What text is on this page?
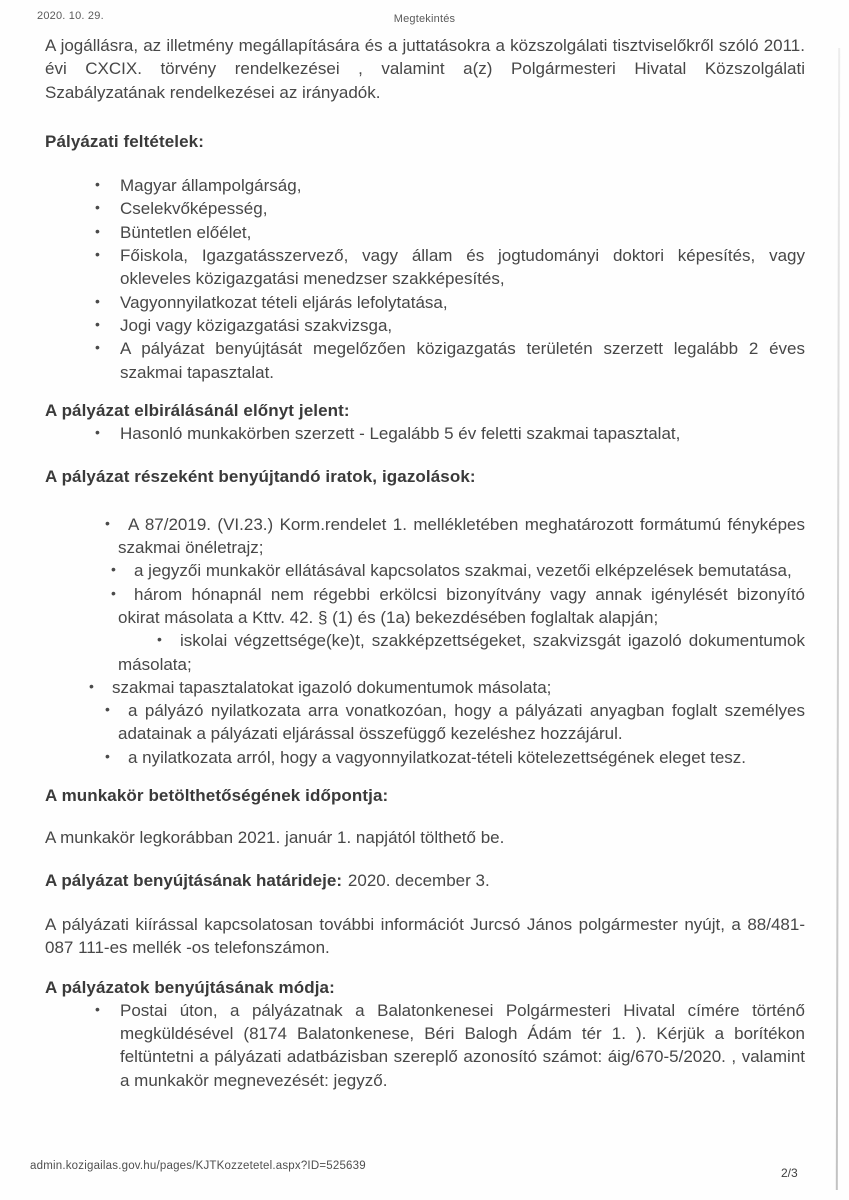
2020. 10. 29.	Megtekintés

A jogállásra, az illetmény megállapítására és a juttatásokra a közszolgálati tisztviselőkről szóló 2011. évi CXCIX. törvény rendelkezései , valamint a(z) Polgármesteri Hivatal Közszolgálati Szabályzatának rendelkezései az irányadók.

Pályázati feltételek:
• Magyar állampolgárság,
• Cselekvőképesség,
• Büntetlen előélet,
• Főiskola, Igazgatásszervező, vagy állam és jogtudományi doktori képesítés, vagy okleveles közigazgatási menedzser szakképesítés,
• Vagyonnyilatkozat tételi eljárás lefolytatása,
• Jogi vagy közigazgatási szakvizsga,
• A pályázat benyújtását megelőzően közigazgatás területén szerzett legalább 2 éves szakmai tapasztalat.
A pályázat elbirálásánál előnyt jelent:
• Hasonló munkakörben szerzett - Legalább 5 év feletti szakmai tapasztalat,
A pályázat részeként benyújtandó iratok, igazolások:
• A 87/2019. (VI.23.) Korm.rendelet 1. mellékletében meghatározott formátumú fényképes szakmai önéletrajz;
• a jegyzői munkakör ellátásával kapcsolatos szakmai, vezetői elképzelések bemutatása,
• három hónapnál nem régebbi erkölcsi bizonyítvány vagy annak igénylését bizonyító okirat másolata a Kttv. 42. § (1) és (1a) bekezdésében foglaltak alapján;
• iskolai végzettsége(ke)t, szakképzettségeket, szakvizsgát igazoló dokumentumok másolata;
• szakmai tapasztalatokat igazoló dokumentumok másolata;
• a pályázó nyilatkozata arra vonatkozóan, hogy a pályázati anyagban foglalt személyes adatainak a pályázati eljárással összefüggő kezeléshez hozzájárul.
• a nyilatkozata arról, hogy a vagyonnyilatkozat-tételi kötelezettségének eleget tesz.
A munkakör betölthetőségének időpontja:

A munkakör legkorábban 2021. január 1. napjától tölthető be.

A pályázat benyújtásának határideje: 2020. december 3.

A pályázati kiírással kapcsolatosan további információt Jurcsó János polgármester nyújt, a 88/481-087 111-es mellék -os telefonszámon.

A pályázatok benyújtásának módja:
• Postai úton, a pályázatnak a Balatonkenesei Polgármesteri Hivatal címére történő megküldésével (8174 Balatonkenese, Béri Balogh Ádám tér 1. ). Kérjük a borítékon feltüntetni a pályázati adatbázisban szereplő azonosító számot: áig/670-5/2020. , valamint a munkakör megnevezését: jegyző.
admin.kozigailas.gov.hu/pages/KJTKozzetetel.aspx?ID=525639	2/3
